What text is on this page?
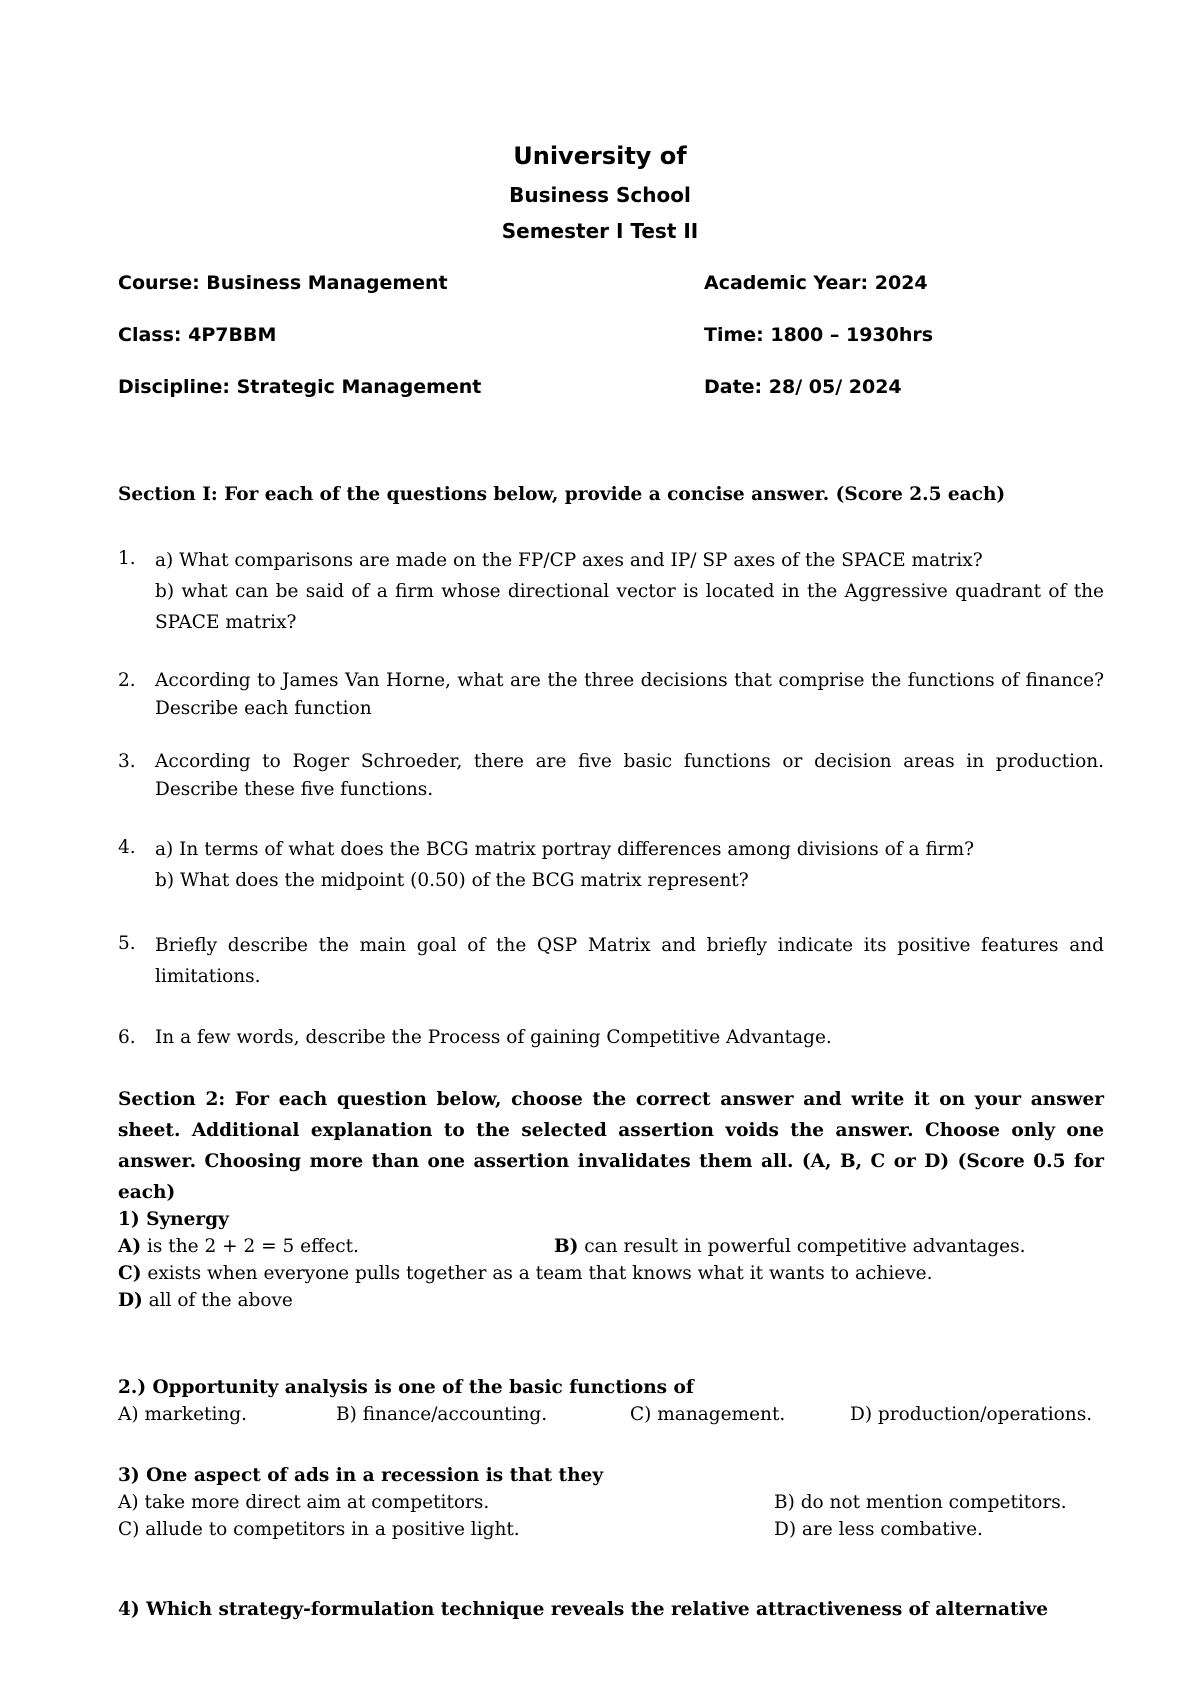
University of
Business School
Semester I Test II
Course: Business Management	Academic Year: 2024
Class: 4P7BBM	Time: 1800 – 1930hrs
Discipline: Strategic Management	Date: 28/ 05/ 2024
Section I: For each of the questions below, provide a concise answer. (Score 2.5 each)
1. a) What comparisons are made on the FP/CP axes and IP/ SP axes of the SPACE matrix?
b) what can be said of a firm whose directional vector is located in the Aggressive quadrant of the SPACE matrix?
2. According to James Van Horne, what are the three decisions that comprise the functions of finance? Describe each function
3. According to Roger Schroeder, there are five basic functions or decision areas in production. Describe these five functions.
4. a) In terms of what does the BCG matrix portray differences among divisions of a firm?
b) What does the midpoint (0.50) of the BCG matrix represent?
5. Briefly describe the main goal of the QSP Matrix and briefly indicate its positive features and limitations.
6. In a few words, describe the Process of gaining Competitive Advantage.
Section 2: For each question below, choose the correct answer and write it on your answer sheet. Additional explanation to the selected assertion voids the answer. Choose only one answer. Choosing more than one assertion invalidates them all. (A, B, C or D) (Score 0.5 for each)
1) Synergy
A) is the 2 + 2 = 5 effect.	B) can result in powerful competitive advantages.
C) exists when everyone pulls together as a team that knows what it wants to achieve.
D) all of the above
2.) Opportunity analysis is one of the basic functions of
A) marketing.	B) finance/accounting.	C) management.	D) production/operations.
3) One aspect of ads in a recession is that they
A) take more direct aim at competitors.	B) do not mention competitors.
C) allude to competitors in a positive light.	D) are less combative.
4) Which strategy-formulation technique reveals the relative attractiveness of alternative
